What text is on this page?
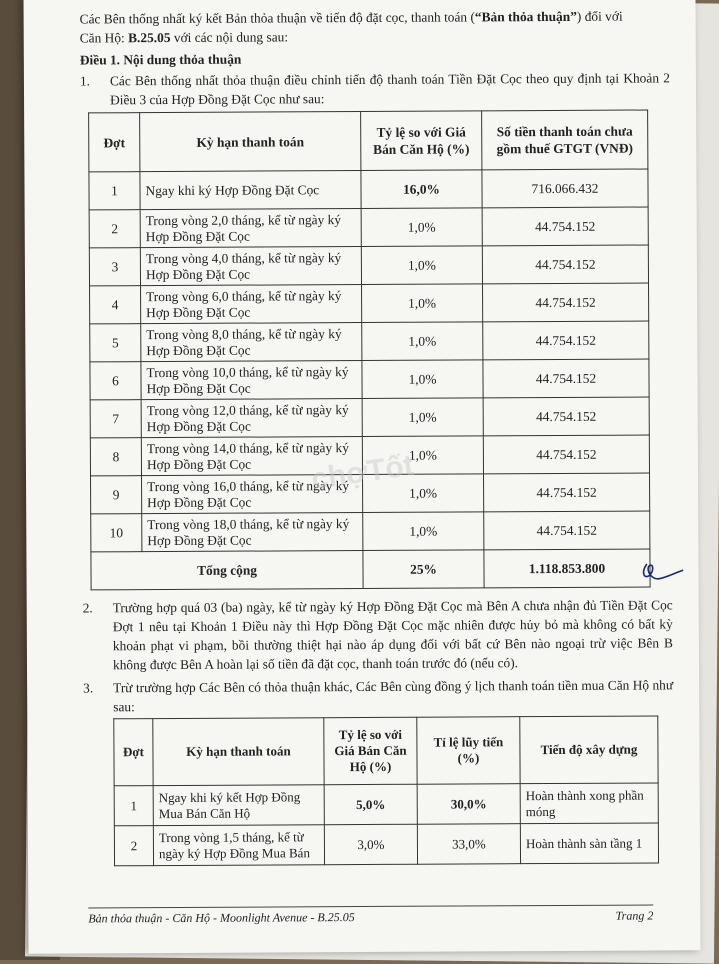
Các Bên thống nhất ký kết Bản thỏa thuận về tiến độ đặt cọc, thanh toán (“Bản thỏa thuận”) đối với
Căn Hộ: B.25.05 với các nội dung sau:

Điều 1. Nội dung thỏa thuận

1.	Các Bên thống nhất thỏa thuận điều chỉnh tiến độ thanh toán Tiền Đặt Cọc theo quy định tại Khoản 2 Điều 3 của Hợp Đồng Đặt Cọc như sau:
Đợt	Kỳ hạn thanh toán	Tỷ lệ so với Giá Bán Căn Hộ (%)	Số tiền thanh toán chưa gồm thuế GTGT (VNĐ)
1	Ngay khi ký Hợp Đồng Đặt Cọc	16,0%	716.066.432
2	Trong vòng 2,0 tháng, kể từ ngày ký Hợp Đồng Đặt Cọc	1,0%	44.754.152
3	Trong vòng 4,0 tháng, kể từ ngày ký Hợp Đồng Đặt Cọc	1,0%	44.754.152
4	Trong vòng 6,0 tháng, kể từ ngày ký Hợp Đồng Đặt Cọc	1,0%	44.754.152
5	Trong vòng 8,0 tháng, kể từ ngày ký Hợp Đồng Đặt Cọc	1,0%	44.754.152
6	Trong vòng 10,0 tháng, kể từ ngày ký Hợp Đồng Đặt Cọc	1,0%	44.754.152
7	Trong vòng 12,0 tháng, kể từ ngày ký Hợp Đồng Đặt Cọc	1,0%	44.754.152
8	Trong vòng 14,0 tháng, kể từ ngày ký Hợp Đồng Đặt Cọc	1,0%	44.754.152
9	Trong vòng 16,0 tháng, kể từ ngày ký Hợp Đồng Đặt Cọc	1,0%	44.754.152
10	Trong vòng 18,0 tháng, kể từ ngày ký Hợp Đồng Đặt Cọc	1,0%	44.754.152
Tổng cộng		25%	1.118.853.800
2.	Trường hợp quá 03 (ba) ngày, kể từ ngày ký Hợp Đồng Đặt Cọc mà Bên A chưa nhận đủ Tiền Đặt Cọc Đợt 1 nêu tại Khoản 1 Điều này thì Hợp Đồng Đặt Cọc mặc nhiên được hủy bỏ mà không có bất kỳ khoản phạt vi phạm, bồi thường thiệt hại nào áp dụng đối với bất cứ Bên nào ngoại trừ việc Bên B không được Bên A hoàn lại số tiền đã đặt cọc, thanh toán trước đó (nếu có).
3.	Trừ trường hợp Các Bên có thỏa thuận khác, Các Bên cùng đồng ý lịch thanh toán tiền mua Căn Hộ như sau:
Đợt	Kỳ hạn thanh toán	Tỷ lệ so với Giá Bán Căn Hộ (%)	Tỉ lệ lũy tiến (%)	Tiến độ xây dựng
1	Ngay khi ký kết Hợp Đồng Mua Bán Căn Hộ	5,0%	30,0%	Hoàn thành xong phần móng
2	Trong vòng 1,5 tháng, kể từ ngày ký Hợp Đồng Mua Bán	3,0%	33,0%	Hoàn thành sàn tầng 1
chợTốt
Bản thỏa thuận - Căn Hộ - Moonlight Avenue - B.25.05	Trang 2
